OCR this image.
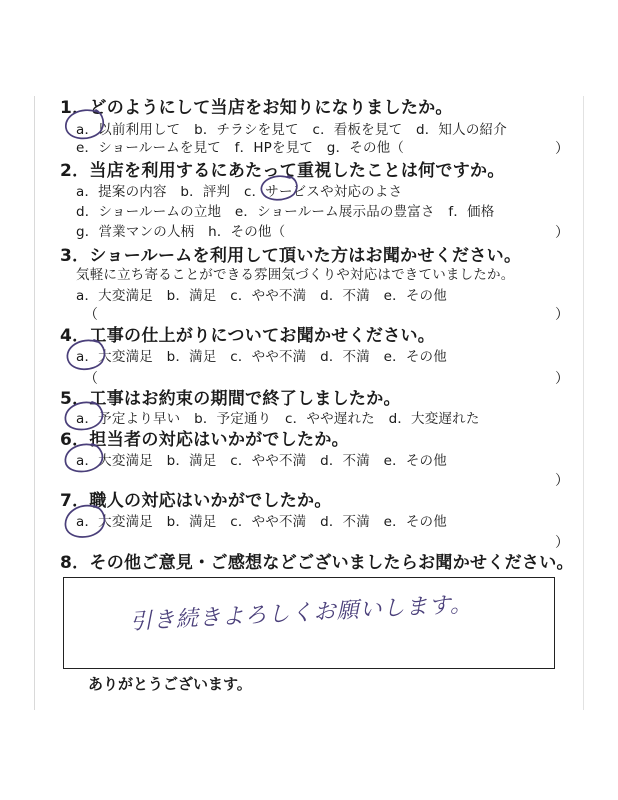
1．どのようにして当店をお知りになりましたか。
a．以前利用して　b．チラシを見て　c．看板を見て　d．知人の紹介
e．ショールームを見て　f．HPを見て　g．その他（	）
2．当店を利用するにあたって重視したことは何ですか。
a．提案の内容　b．評判　c．サービスや対応のよさ
d．ショールームの立地　e．ショールーム展示品の豊富さ　f．価格
g．営業マンの人柄　h．その他（	）
3．ショールームを利用して頂いた方はお聞かせください。
気軽に立ち寄ることができる雰囲気づくりや対応はできていましたか。
a．大変満足　b．満足　c．やや不満　d．不満　e．その他
（	）
4．工事の仕上がりについてお聞かせください。
a．大変満足　b．満足　c．やや不満　d．不満　e．その他
（	）
5．工事はお約束の期間で終了しましたか。
a．予定より早い　b．予定通り　c．やや遅れた　d．大変遅れた
6．担当者の対応はいかがでしたか。
a．大変満足　b．満足　c．やや不満　d．不満　e．その他
）
7．職人の対応はいかがでしたか。
a．大変満足　b．満足　c．やや不満　d．不満　e．その他
）
8．その他ご意見・ご感想などございましたらお聞かせください。
引き続きよろしくお願いします。
ありがとうございます。
